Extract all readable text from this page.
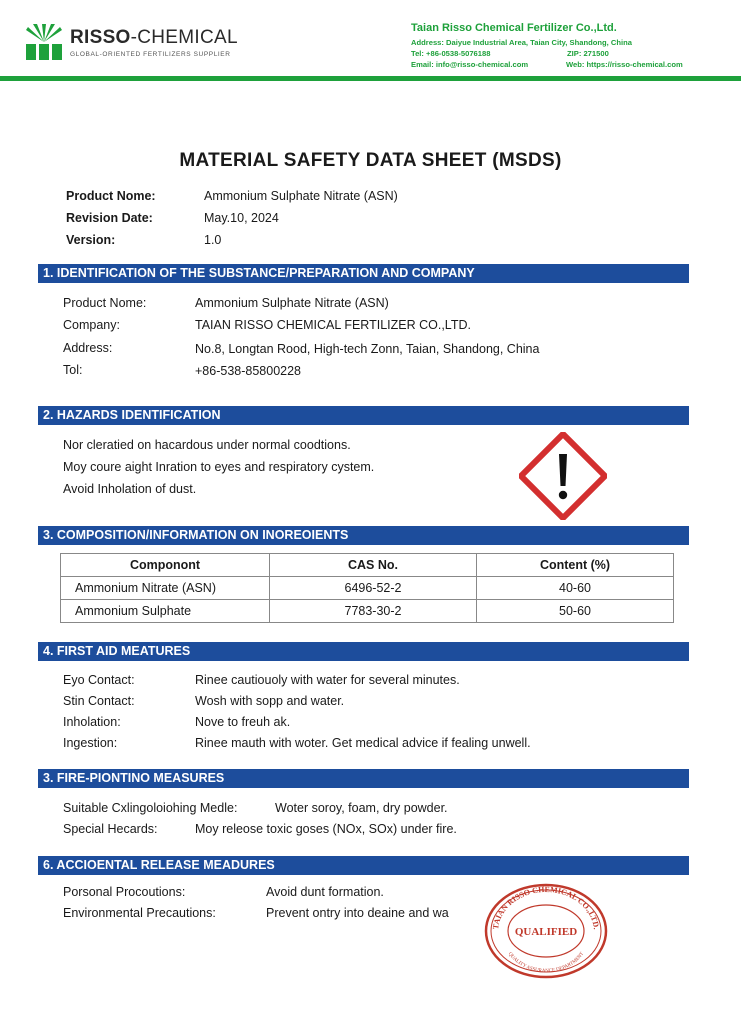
RISSO-CHEMICAL
GLOBAL-ORIENTED FERTILIZERS SUPPLIER
Taian Risso Chemical Fertilizer Co.,Ltd.
Address: Daiyue Industrial Area, Taian City, Shandong, China
Tel: +86-0538-5076188	ZIP: 271500
Email: info@risso-chemical.com	Web: https://risso-chemical.com
MATERIAL SAFETY DATA SHEET (MSDS)
Product Nome:	Ammonium Sulphate Nitrate (ASN)
Revision Date:	May.10, 2024
Version:	1.0
1. IDENTIFICATION OF THE SUBSTANCE/PREPARATION AND COMPANY
Product Nome:	Ammonium Sulphate Nitrate (ASN)
Company:	TAIAN RISSO CHEMICAL FERTILIZER CO.,LTD.
Address:	No.8, Longtan Rood, High-tech Zonn, Taian, Shandong, China
Tol:	+86-538-85800228
2. HAZARDS IDENTIFICATION
Nor cleratied on hacardous under normal coodtions.
Moy coure aight Inration to eyes and respiratory cystem.
Avoid Inholation of dust.
3. COMPOSITION/INFORMATION ON INOREOIENTS
Componont	CAS No.	Content (%)
Ammonium Nitrate (ASN)	6496-52-2	40-60
Ammonium Sulphate	7783-30-2	50-60
4. FIRST AID MEATURES
Eyo Contact:	Rinee cautiouoly with water for several minutes.
Stin Contact:	Wosh with sopp and water.
Inholation:	Nove to freuh ak.
Ingestion:	Rinee mauth with woter. Get medical advice if fealing unwell.
3. FIRE-PIONTINO MEASURES
Suitable Cxlingoloiohing Medle:	Woter soroy, foam, dry powder.
Special Hecards:	Moy releose toxic goses (NOx, SOx) under fire.
6. ACCIOENTAL RELEASE MEADURES
Porsonal Procoutions:	Avoid dunt formation.
Environmental Precautions:	Prevent ontry into deaine and wa
TAIAN RISSO CHEMICAL CO.,LTD.
QUALIFIED
QUALITY ASSURANCE DEPARTMENT
